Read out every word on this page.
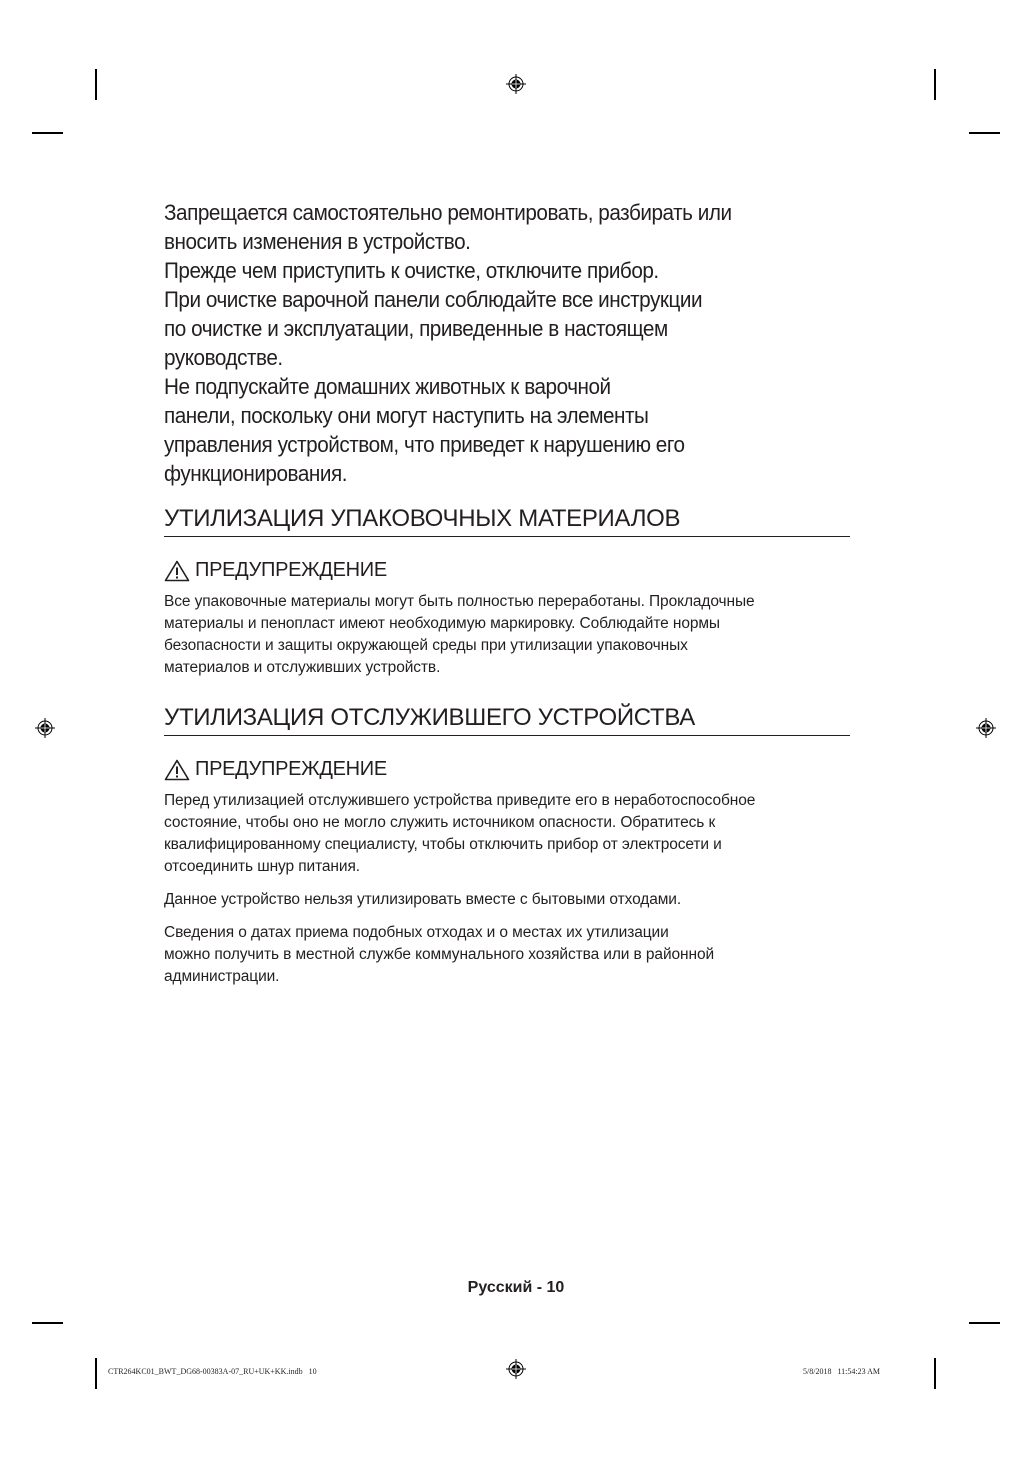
Запрещается самостоятельно ремонтировать, разбирать или

вносить изменения в устройство.

Прежде чем приступить к очистке, отключите прибор.

При очистке варочной панели соблюдайте все инструкции

по очистке и эксплуатации, приведенные в настоящем

руководстве.

Не подпускайте домашних животных к варочной

панели, поскольку они могут наступить на элементы

управления устройством, что приведет к нарушению его

функционирования.

УТИЛИЗАЦИЯ УПАКОВОЧНЫХ МАТЕРИАЛОВ
ПРЕДУПРЕЖДЕНИЕ

Все упаковочные материалы могут быть полностью переработаны. Прокладочные

материалы и пенопласт имеют необходимую маркировку. Соблюдайте нормы

безопасности и защиты окружающей среды при утилизации упаковочных

материалов и отслуживших устройств.

УТИЛИЗАЦИЯ ОТСЛУЖИВШЕГО УСТРОЙСТВА
ПРЕДУПРЕЖДЕНИЕ

Перед утилизацией отслужившего устройства приведите его в неработоспособное

состояние, чтобы оно не могло служить источником опасности. Обратитесь к

квалифицированному специалисту, чтобы отключить прибор от электросети и

отсоединить шнур питания.

Данное устройство нельзя утилизировать вместе с бытовыми отходами.

Сведения о датах приема подобных отходах и о местах их утилизации

можно получить в местной службе коммунального хозяйства или в районной

администрации.

Русский - 10
CTR264KC01_BWT_DG68-00383A-07_RU+UK+KK.indb   10	5/8/2018   11:54:23 AM
